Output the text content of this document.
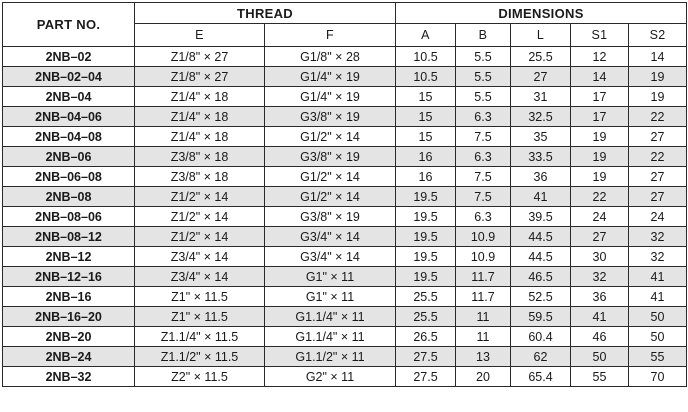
PART NO.	THREAD		DIMENSIONS				
	E	F	A	B	L	S1	S2
2NB–02	Z1/8" × 27	G1/8" × 28	10.5	5.5	25.5	12	14
2NB–02–04	Z1/8" × 27	G1/4" × 19	10.5	5.5	27	14	19
2NB–04	Z1/4" × 18	G1/4" × 19	15	5.5	31	17	19
2NB–04–06	Z1/4" × 18	G3/8" × 19	15	6.3	32.5	17	22
2NB–04–08	Z1/4" × 18	G1/2" × 14	15	7.5	35	19	27
2NB–06	Z3/8" × 18	G3/8" × 19	16	6.3	33.5	19	22
2NB–06–08	Z3/8" × 18	G1/2" × 14	16	7.5	36	19	27
2NB–08	Z1/2" × 14	G1/2" × 14	19.5	7.5	41	22	27
2NB–08–06	Z1/2" × 14	G3/8" × 19	19.5	6.3	39.5	24	24
2NB–08–12	Z1/2" × 14	G3/4" × 14	19.5	10.9	44.5	27	32
2NB–12	Z3/4" × 14	G3/4" × 14	19.5	10.9	44.5	30	32
2NB–12–16	Z3/4" × 14	G1" × 11	19.5	11.7	46.5	32	41
2NB–16	Z1" × 11.5	G1" × 11	25.5	11.7	52.5	36	41
2NB–16–20	Z1" × 11.5	G1.1/4" × 11	25.5	11	59.5	41	50
2NB–20	Z1.1/4" × 11.5	G1.1/4" × 11	26.5	11	60.4	46	50
2NB–24	Z1.1/2" × 11.5	G1.1/2" × 11	27.5	13	62	50	55
2NB–32	Z2" × 11.5	G2" × 11	27.5	20	65.4	55	70
